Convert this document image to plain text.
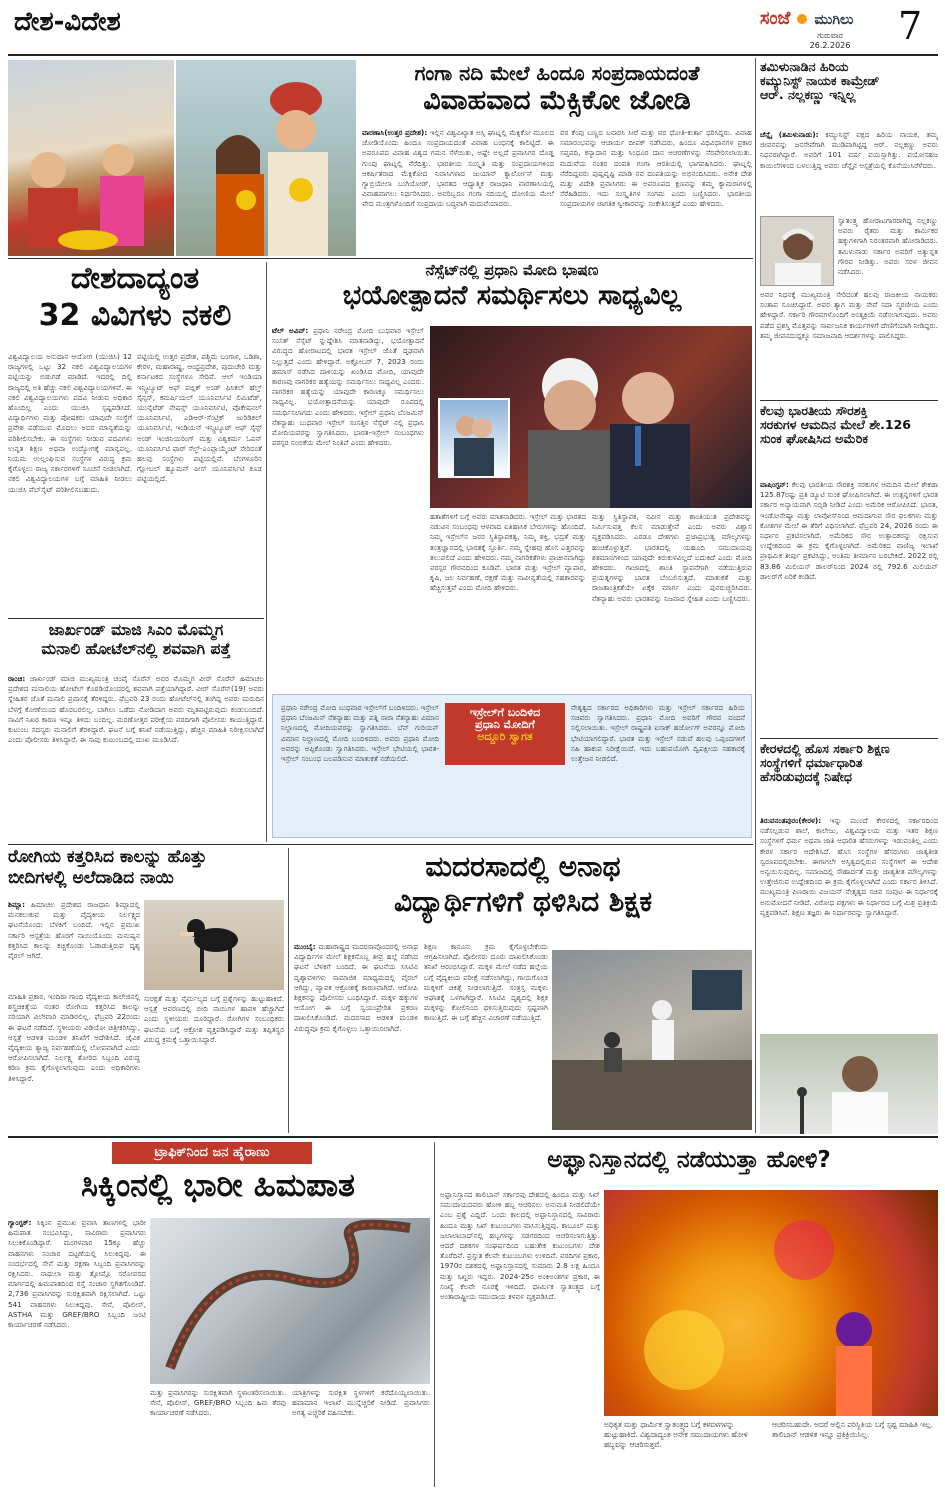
ದೇಶ-ವಿದೇಶ	ಸಂಜೆ ಮುಗಿಲು
ಗುರುವಾರ
26.2.2026	7
ಗಂಗಾ ನದಿ ಮೇಲೆ ಹಿಂದೂ ಸಂಪ್ರದಾಯದಂತೆ
ವಿವಾಹವಾದ ಮೆಕ್ಸಿಕೋ ಜೋಡಿ
ವಾರಣಾಸಿ(ಉತ್ತರ ಪ್ರದೇಶ): ಇಲ್ಲಿನ ವಿಶ್ವವಿಖ್ಯಾತ ಅಸ್ಸಿ ಘಾಟ್ನಲ್ಲಿ ಮೆಕ್ಸಿಕೋ ಮೂಲದ ಜೋಡಿಯೊಂದು ಹಿಂದೂ ಸಂಪ್ರದಾಯದಂತೆ ವಿವಾಹ ಬಂಧನಕ್ಕೆ ಕಾಲಿಟ್ಟಿದೆ. ಈ ಅಪರೂಪದ ವಿವಾಹ ವಿಶ್ವದ ಗಮನ ಸೆಳೆಯಿತು, ಅಷ್ಟೇ ಅಲ್ಲದೆ ಪ್ರವಾಸಿಗರ ದೊಡ್ಡ ಗುಂಪು ಘಾಟ್ನಲ್ಲಿ ನೆರೆದಿತ್ತು. ಭಾರತೀಯ ಸಂಸ್ಕೃತಿ ಮತ್ತು ಸಂಪ್ರದಾಯಗಳಿಂದ ಆಕರ್ಷಿತರಾದ ಮೆಕ್ಸಿಕೋದ ನಿವಾಸಿಗಳಾದ ಜುಯಾನ್ ಕ್ಯಾರ್ಲೋಸ್ ಮತ್ತು ಗ್ಯಾಬ್ರಿಯೇಲಾ ಬುಗಿಯೋಡ್, ಭಾರತದ ಆಧ್ಯಾತ್ಮಿಕ ರಾಜಧಾನಿ ವಾರಣಾಸಿಯಲ್ಲಿ ವಿವಾಹವಾಗಲು ನಿರ್ಧರಿಸಿದರು. ಅವರಿಬ್ಬರೂ ಗಂಗಾ ನದಿಯಲ್ಲಿ ದೋಣಿಯ ಮೇಲೆ ವೇದ ಮಂತ್ರಗಳೊಂದಿಗೆ ಸಂಪ್ರದಾಯ ಬದ್ಧವಾಗಿ ಮದುವೆಯಾದರು.
ವರ ಕೆಂಪು ಬಣ್ಣದ ಬನಾರಸಿ ಸೀರೆ ಮತ್ತು ವರ ಧೋತಿ-ಕುರ್ತಾ ಧರಿಸಿದ್ದರು. ವಿವಾಹ ಸಮಾರಂಭವನ್ನು ಆಚಾರ್ಯ ದೀಪಕ್ ನಡೆಸಿದರು, ಹಿಂದೂ ವಿಧಿವಿಧಾನಗಳ ಪ್ರಕಾರ ಸಪ್ತಪದಿ, ಕನ್ಯಾದಾನ ಮತ್ತು ಸಿಂಧೂರ ದಾನ ಆಚರಣೆಗಳನ್ನು ನೆರವೇರಿಸಲಾಯಿತು. ಮದುವೆಯ ನಂತರ ದಂಪತಿ ಗಂಗಾ ಆರತಿಯಲ್ಲಿ ಭಾಗವಹಿಸಿದರು. ಘಾಟ್ನಲ್ಲಿ ನೆರೆದಿದ್ದವರು ಪುಷ್ಪವೃಷ್ಟಿ ಮಾಡಿ ನವ ದಂಪತಿಯನ್ನು ಅಭಿನಂದಿಸಿದರು. ಅನೇಕ ದೇಶ ಮತ್ತು ವಿದೇಶಿ ಪ್ರವಾಸಿಗರು ಈ ಅಪರೂಪದ ಕ್ಷಣವನ್ನು ತಮ್ಮ ಕ್ಯಾಮರಾಗಳಲ್ಲಿ ಸೆರೆಹಿಡಿದರು. ಇದು ಸಂಸ್ಕೃತಿಗಳ ಸಂಗಮ ಎಂದು ಬಣ್ಣಿಸಿದರು. ಭಾರತೀಯ ಸಂಪ್ರದಾಯಗಳ ಜಾಗತಿಕ ಸ್ವೀಕಾರವನ್ನು ಸಂಕೇತಿಸುತ್ತದೆ ಎಂದು ಹೇಳಿದರು.
ತಮಿಳುನಾಡಿನ ಹಿರಿಯ
ಕಮ್ಯುನಿಸ್ಟ್ ನಾಯಕ ಕಾಮ್ರೇಡ್
ಆರ್. ನಲ್ಲಕಣ್ಣು ಇನ್ನಿಲ್ಲ
ಚೆನ್ನೈ (ತಮಿಳುನಾಡು): ಕಮ್ಯುನಿಸ್ಟ್ ಪಕ್ಷದ ಹಿರಿಯ ನಾಯಕ, ತಮ್ಮ ಜೀವನವನ್ನು ಜನಸೇವೆಗಾಗಿ ಮುಡಿಪಾಗಿಟ್ಟಿದ್ದ ಆರ್. ನಲ್ಲಕಣ್ಣು ಅವರು ನಿಧನರಾಗಿದ್ದಾರೆ. ಅವರಿಗೆ 101 ವರ್ಷ ವಯಸ್ಸಾಗಿತ್ತು. ವಯೋಸಹಜ ಕಾಯಿಲೆಗಳಿಂದ ಬಳಲುತ್ತಿದ್ದ ಅವರು ಚೆನ್ನೈನ ಆಸ್ಪತ್ರೆಯಲ್ಲಿ ಕೊನೆಯುಸಿರೆಳೆದರು.
ಸ್ವಾತಂತ್ರ್ಯ ಹೋರಾಟಗಾರರಾಗಿದ್ದ ನಲ್ಲಕಣ್ಣು ಅವರು ರೈತರು ಮತ್ತು ಕಾರ್ಮಿಕರ ಹಕ್ಕುಗಳಿಗಾಗಿ ನಿರಂತರವಾಗಿ ಹೋರಾಡಿದರು. ತಮಿಳುನಾಡು ಸರ್ಕಾರ ಅವರಿಗೆ ಅತ್ಯುನ್ನತ ಗೌರವ ನೀಡಿತ್ತು. ಅವರು ಸರಳ ಜೀವನ ನಡೆಸಿದರು.
ಅವರ ನಿಧನಕ್ಕೆ ಮುಖ್ಯಮಂತ್ರಿ ಸೇರಿದಂತೆ ಹಲವು ರಾಜಕೀಯ ನಾಯಕರು ಸಂತಾಪ ಸೂಚಿಸಿದ್ದಾರೆ. ಅವರ ತ್ಯಾಗ ಮತ್ತು ಸೇವೆ ಸದಾ ಸ್ಮರಣೀಯ ಎಂದು ಹೇಳಿದ್ದಾರೆ. ಸರ್ಕಾರಿ ಗೌರವಗಳೊಂದಿಗೆ ಅಂತ್ಯಕ್ರಿಯೆ ನಡೆಸಲಾಗುವುದು. ಅವರು ಪಡೆದ ಪ್ರಶಸ್ತಿ ಮೊತ್ತವನ್ನು ಸಾರ್ವಜನಿಕ ಕಾರ್ಯಗಳಿಗೆ ದೇಣಿಗೆಯಾಗಿ ನೀಡಿದ್ದರು. ತಮ್ಮ ಜೀವನದುದ್ದಕ್ಕೂ ಸಮಾಜವಾದಿ ಆದರ್ಶಗಳನ್ನು ಪಾಲಿಸಿದ್ದರು.
ಕೆಲವು ಭಾರತೀಯ ಸೌರಶಕ್ತಿ
ಸರಕುಗಳ ಆಮದಿನ ಮೇಲೆ ಶೇ.126
ಸುಂಕ ಘೋಷಿಸಿದ ಅಮೆರಿಕ
ವಾಷಿಂಗ್ಟನ್: ಕೆಲವು ಭಾರತೀಯ ಸೌರಶಕ್ತಿ ಸರಕುಗಳ ಆಮದಿನ ಮೇಲೆ ಶೇಕಡಾ 125.87ರಷ್ಟು ಪ್ರತಿ ಡ್ಯೂಟಿ ಸುಂಕ ಘೋಷಿಸಲಾಗಿದೆ. ಈ ಉತ್ಪನ್ನಗಳಿಗೆ ಭಾರತ ಸರ್ಕಾರ ಅನ್ಯಾಯವಾಗಿ ಸಬ್ಸಿಡಿ ನೀಡಿದೆ ಎಂದು ಅಮೆರಿಕ ಆರೋಪಿಸಿದೆ. ಭಾರತ, ಇಂಡೋನೇಷ್ಯಾ ಮತ್ತು ಲಾವೋಸ್‌ನಿಂದ ಆಮದಾಗುವ ಸೌರ ಫಲಕಗಳು ಮತ್ತು ಕೋಶಗಳ ಮೇಲೆ ಈ ತೆರಿಗೆ ವಿಧಿಸಲಾಗಿದೆ. ಫೆಬ್ರವರಿ 24, 2026 ರಂದು ಈ ನಿರ್ಧಾರ ಪ್ರಕಟಿಸಲಾಗಿದೆ. ಅಮೆರಿಕದ ಸೌರ ಉತ್ಪಾದಕರನ್ನು ರಕ್ಷಿಸುವ ಉದ್ದೇಶದಿಂದ ಈ ಕ್ರಮ ಕೈಗೊಳ್ಳಲಾಗಿದೆ. ಅಮೆರಿಕದ ವಾಣಿಜ್ಯ ಇಲಾಖೆ ಪ್ರಾಥಮಿಕ ತೀರ್ಪು ಪ್ರಕಟಿಸಿದ್ದು, ಅಂತಿಮ ತೀರ್ಮಾನ ಬರಬೇಕಿದೆ. 2022 ರಲ್ಲಿ 83.86 ಮಿಲಿಯನ್ ಡಾಲರ್‌ನಿಂದ 2024 ರಲ್ಲಿ 792.6 ಮಿಲಿಯನ್ ಡಾಲರ್‌ಗೆ ಏರಿಕೆ ಕಂಡಿದೆ.
ಕೇರಳದಲ್ಲಿ ಹೊಸ ಸರ್ಕಾರಿ ಶಿಕ್ಷಣ
ಸಂಸ್ಥೆಗಳಿಗೆ ಧರ್ಮಾಧಾರಿತ
ಹೆಸರಿಡುವುದಕ್ಕೆ ನಿಷೇಧ
ತಿರುವನಂತಪುರಂ(ಕೇರಳ): ಇನ್ನು ಮುಂದೆ ಕೇರಳದಲ್ಲಿ ಸರ್ಕಾರದಿಂದ ನಡೆಸಲ್ಪಡುವ ಶಾಲೆ, ಕಾಲೇಜು, ವಿಶ್ವವಿದ್ಯಾಲಯ ಮತ್ತು ಇತರ ಶಿಕ್ಷಣ ಸಂಸ್ಥೆಗಳಿಗೆ ಧರ್ಮ ಅಥವಾ ಜಾತಿ ಆಧಾರಿತ ಹೆಸರುಗಳನ್ನು ಇಡುವಂತಿಲ್ಲ ಎಂದು ಕೇರಳ ಸರ್ಕಾರ ಆದೇಶಿಸಿದೆ. ಹೊಸ ಸಂಸ್ಥೆಗಳ ಹೆಸರುಗಳು ಜಾತ್ಯತೀತ ಸ್ವರೂಪದಲ್ಲಿರಬೇಕು. ಈಗಾಗಲೇ ಅಸ್ತಿತ್ವದಲ್ಲಿರುವ ಸಂಸ್ಥೆಗಳಿಗೆ ಈ ಆದೇಶ ಅನ್ವಯಿಸುವುದಿಲ್ಲ. ಸಮಾಜದಲ್ಲಿ ಸೌಹಾರ್ದತೆ ಮತ್ತು ಜಾತ್ಯತೀತ ಮೌಲ್ಯಗಳನ್ನು ಉತ್ತೇಜಿಸುವ ಉದ್ದೇಶದಿಂದ ಈ ಕ್ರಮ ಕೈಗೊಳ್ಳಲಾಗಿದೆ ಎಂದು ಸರ್ಕಾರ ತಿಳಿಸಿದೆ. ಮುಖ್ಯಮಂತ್ರಿ ಪಿಣರಾಯಿ ವಿಜಯನ್ ನೇತೃತ್ವದ ಸಚಿವ ಸಂಪುಟ ಈ ನಿರ್ಧಾರಕ್ಕೆ ಅನುಮೋದನೆ ನೀಡಿದೆ. ವಿರೋಧ ಪಕ್ಷಗಳು ಈ ನಿರ್ಧಾರದ ಬಗ್ಗೆ ಮಿಶ್ರ ಪ್ರತಿಕ್ರಿಯೆ ವ್ಯಕ್ತಪಡಿಸಿವೆ. ಶಿಕ್ಷಣ ತಜ್ಞರು ಈ ನಿರ್ಧಾರವನ್ನು ಸ್ವಾಗತಿಸಿದ್ದಾರೆ.
ದೇಶದಾದ್ಯಂತ
32 ವಿವಿಗಳು ನಕಲಿ
ವಿಶ್ವವಿದ್ಯಾಲಯ ಅನುದಾನ ಆಯೋಗ (ಯುಜಿಸಿ) 12 ರಾಜ್ಯಗಳಲ್ಲಿ ಒಟ್ಟು 32 ನಕಲಿ ವಿಶ್ವವಿದ್ಯಾಲಯಗಳ ಪಟ್ಟಿಯನ್ನು ಬಿಡುಗಡೆ ಮಾಡಿದೆ. ಇದರಲ್ಲಿ ದಿಲ್ಲಿ ರಾಜ್ಯದಲ್ಲಿ ಅತಿ ಹೆಚ್ಚು ನಕಲಿ ವಿಶ್ವವಿದ್ಯಾಲಯಗಳಿವೆ. ಈ ನಕಲಿ ವಿಶ್ವವಿದ್ಯಾಲಯಗಳು ಪದವಿ ನೀಡುವ ಅಧಿಕಾರ ಹೊಂದಿಲ್ಲ ಎಂದು ಯುಜಿಸಿ ಸ್ಪಷ್ಟಪಡಿಸಿದೆ. ವಿದ್ಯಾರ್ಥಿಗಳು ಮತ್ತು ಪೋಷಕರು ಯಾವುದೇ ಸಂಸ್ಥೆಗೆ ಪ್ರವೇಶ ಪಡೆಯುವ ಮೊದಲು ಅದರ ಮಾನ್ಯತೆಯನ್ನು ಪರಿಶೀಲಿಸಬೇಕು. ಈ ಸಂಸ್ಥೆಗಳು ನೀಡುವ ಪದವಿಗಳು ಉನ್ನತ ಶಿಕ್ಷಣ ಅಥವಾ ಉದ್ಯೋಗಕ್ಕೆ ಮಾನ್ಯವಲ್ಲ. ನಿಯಮ ಉಲ್ಲಂಘಿಸುವ ಸಂಸ್ಥೆಗಳ ವಿರುದ್ಧ ಕ್ರಮ ಕೈಗೊಳ್ಳಲು ರಾಜ್ಯ ಸರ್ಕಾರಗಳಿಗೆ ಸೂಚನೆ ನೀಡಲಾಗಿದೆ. ನಕಲಿ ವಿಶ್ವವಿದ್ಯಾಲಯಗಳ ಬಗ್ಗೆ ಮಾಹಿತಿ ನೀಡಲು ಯುಜಿಸಿ ವೆಬ್‌ಸೈಟ್ ಪರಿಶೀಲಿಸಬಹುದು.
ಪಟ್ಟಿಯಲ್ಲಿ ಉತ್ತರ ಪ್ರದೇಶ, ಪಶ್ಚಿಮ ಬಂಗಾಳ, ಒಡಿಶಾ, ಕೇರಳ, ಮಹಾರಾಷ್ಟ್ರ, ಆಂಧ್ರಪ್ರದೇಶ, ಪುದುಚೇರಿ ಮತ್ತು ಕರ್ನಾಟಕದ ಸಂಸ್ಥೆಗಳೂ ಸೇರಿವೆ. ಆಲ್ ಇಂಡಿಯಾ ಇನ್ಸ್ಟಿಟ್ಯೂಟ್ ಆಫ್ ಪಬ್ಲಿಕ್ ಅಂಡ್ ಫಿಸಿಕಲ್ ಹೆಲ್ತ್ ಸೈನ್ಸಸ್, ಕಮರ್ಷಿಯಲ್ ಯೂನಿವರ್ಸಿಟಿ ಲಿಮಿಟೆಡ್, ಯುನೈಟೆಡ್ ನೇಷನ್ಸ್ ಯೂನಿವರ್ಸಿಟಿ, ವೊಕೇಷನಲ್ ಯೂನಿವರ್ಸಿಟಿ, ಎಡಿಆರ್-ಸೆಂಟ್ರಿಕ್ ಜುರಿಡಿಕಲ್ ಯೂನಿವರ್ಸಿಟಿ, ಇಂಡಿಯನ್ ಇನ್ಸ್ಟಿಟ್ಯೂಟ್ ಆಫ್ ಸೈನ್ಸ್ ಅಂಡ್ ಇಂಜಿನಿಯರಿಂಗ್ ಮತ್ತು ವಿಶ್ವಕರ್ಮ ಓಪನ್ ಯೂನಿವರ್ಸಿಟಿ ಫಾರ್ ಸೆಲ್ಫ್-ಎಂಪ್ಲಾಯ್ಮೆಂಟ್ ಸೇರಿದಂತೆ ಹಲವು ಸಂಸ್ಥೆಗಳು ಪಟ್ಟಿಯಲ್ಲಿವೆ. ಬೆಂಗಳೂರಿನ ಗ್ಲೋಬಲ್ ಹ್ಯೂಮನ್ ಪೀಸ್ ಯೂನಿವರ್ಸಿಟಿ ಕೂಡ ಪಟ್ಟಿಯಲ್ಲಿದೆ.
ನೆಸ್ಸೆಟ್‌ನಲ್ಲಿ ಪ್ರಧಾನಿ ಮೋದಿ ಭಾಷಣ
ಭಯೋತ್ಪಾದನೆ ಸಮರ್ಥಿಸಲು ಸಾಧ್ಯವಿಲ್ಲ
ಟೆಲ್ ಅವಿವ್: ಪ್ರಧಾನಿ ನರೇಂದ್ರ ಮೋದಿ ಬುಧವಾರ ಇಸ್ರೇಲ್ ಸಂಸತ್ ನೆಸ್ಸೆಟ್ ನ್ನುದ್ದೇಶಿಸಿ ಮಾತನಾಡಿದ್ದು, ಭಯೋತ್ಪಾದನೆ ವಿರುದ್ಧದ ಹೋರಾಟದಲ್ಲಿ ಭಾರತ ಇಸ್ರೇಲ್ ಜೊತೆ ದೃಢವಾಗಿ ನಿಲ್ಲುತ್ತದೆ ಎಂದು ಹೇಳಿದ್ದಾರೆ. ಅಕ್ಟೋಬರ್ 7, 2023 ರಂದು ಹಮಾಸ್ ನಡೆಸಿದ ದಾಳಿಯನ್ನು ಖಂಡಿಸಿದ ಮೋದಿ, ಯಾವುದೇ ಕಾರಣವು ನಾಗರಿಕರ ಹತ್ಯೆಯನ್ನು ಸಮರ್ಥಿಸಲು ಸಾಧ್ಯವಿಲ್ಲ ಎಂದರು. ನಾಗರಿಕರ ಹತ್ಯೆಯನ್ನು ಯಾವುದೇ ಕಾರಣಕ್ಕೂ ಸಮರ್ಥಿಸಲು ಸಾಧ್ಯವಿಲ್ಲ. ಭಯೋತ್ಪಾದನೆಯನ್ನು ಯಾವುದೇ ರೂಪದಲ್ಲಿ ಸಮರ್ಥಿಸಲಾಗದು ಎಂದು ಹೇಳಿದರು. ಇಸ್ರೇಲ್ ಪ್ರಧಾನಿ ಬೆಂಜಮಿನ್ ನೆತನ್ಯಾಹು ಬುಧವಾರ ಇಸ್ರೇಲ್ ಸಂಸತ್ತಿನ ನೆಸ್ಸೆಟ್ ನಲ್ಲಿ ಪ್ರಧಾನಿ ಮೋದಿಯವರನ್ನು ಸ್ವಾಗತಿಸಿದರು. ಭಾರತ-ಇಸ್ರೇಲ್ ಸಂಬಂಧಗಳು ಪರಸ್ಪರ ನಂಬಿಕೆಯ ಮೇಲೆ ನಿಂತಿವೆ ಎಂದು ಹೇಳಿದರು.
ಹತಾಶೆಗಳಿಗೆ ಬಗ್ಗೆ ಅವರು ಮಾತನಾಡಿದರು. ಇಸ್ರೇಲ್ ಮತ್ತು ಭಾರತದ ನಡುವಿನ ಸಂಬಂಧವು ಆಳವಾದ ಐತಿಹಾಸಿಕ ಬೇರುಗಳನ್ನು ಹೊಂದಿದೆ. ನಿಮ್ಮ ಇಸ್ರೇಲ್‌ನ ಜನರ ಸ್ಥಿತಿಸ್ಥಾಪಕತ್ವ, ನಿಮ್ಮ ಶಕ್ತಿ, ಭದ್ರತೆ ಮತ್ತು ತಂತ್ರಜ್ಞಾನದಲ್ಲಿ ಭಾರತಕ್ಕೆ ಸ್ಫೂರ್ತಿ. ನಮ್ಮ ಸ್ನೇಹವು ಹೊಸ ಎತ್ತರವನ್ನು ತಲುಪಲಿದೆ ಎಂದು ಹೇಳಿದರು. ನಮ್ಮ ನಾಗರಿಕತೆಗಳು ಪ್ರಾಚೀನವಾಗಿದ್ದು ಪರಸ್ಪರ ಗೌರವದಿಂದ ಕೂಡಿವೆ. ಭಾರತ ಮತ್ತು ಇಸ್ರೇಲ್ ವ್ಯಾಪಾರ, ಕೃಷಿ, ಜಲ ನಿರ್ವಹಣೆ, ರಕ್ಷಣೆ ಮತ್ತು ನಾವೀನ್ಯತೆಯಲ್ಲಿ ಸಹಕಾರವನ್ನು ಹೆಚ್ಚಿಸುತ್ತವೆ ಎಂದು ಮೋದಿ ಹೇಳಿದರು.
ಮತ್ತು ಸ್ಥಿತಿಸ್ಥಾಪಕ, ನವೀನ ಮತ್ತು ಶಾಂತಿಯುತ ಪ್ರದೇಶವನ್ನು ನಿರ್ಮಿಸುವತ್ತ ಕೆಲಸ ಮಾಡುತ್ತೇವೆ ಎಂದು ಅವರು ವಿಶ್ವಾಸ ವ್ಯಕ್ತಪಡಿಸಿದರು. ಎರಡೂ ದೇಶಗಳು ಪ್ರಜಾಪ್ರಭುತ್ವ ಮೌಲ್ಯಗಳನ್ನು ಹಂಚಿಕೊಳ್ಳುತ್ತವೆ. ಭಾರತದಲ್ಲಿ ಯಹೂದಿ ಸಮುದಾಯವು ಶತಮಾನಗಳಿಂದ ಯಾವುದೇ ಕಿರುಕುಳವಿಲ್ಲದೆ ಬದುಕಿದೆ ಎಂದು ಮೋದಿ ಹೇಳಿದರು. ಗಾಜಾದಲ್ಲಿ ಶಾಂತಿ ಸ್ಥಾಪನೆಗಾಗಿ ನಡೆಯುತ್ತಿರುವ ಪ್ರಯತ್ನಗಳನ್ನು ಭಾರತ ಬೆಂಬಲಿಸುತ್ತದೆ. ಮಾತುಕತೆ ಮತ್ತು ರಾಜತಾಂತ್ರಿಕತೆಯೇ ಏಕೈಕ ಮಾರ್ಗ ಎಂದು ಪುನರುಚ್ಚರಿಸಿದರು. ನೆತನ್ಯಾಹು ಅವರು ಭಾರತವನ್ನು ನಿಜವಾದ ಸ್ನೇಹಿತ ಎಂದು ಬಣ್ಣಿಸಿದರು.
ಪ್ರಧಾನಿ ನರೇಂದ್ರ ಮೋದಿ ಬುಧವಾರ ಇಸ್ರೇಲ್‌ಗೆ ಬಂದಿಳಿದರು. ಇಸ್ರೇಲ್ ಪ್ರಧಾನಿ ಬೆಂಜಮಿನ್ ನೆತನ್ಯಾಹು ಮತ್ತು ಪತ್ನಿ ಸಾರಾ ನೆತನ್ಯಾಹು ವಿಮಾನ ನಿಲ್ದಾಣದಲ್ಲಿ ಮೋದಿಯವರನ್ನು ಸ್ವಾಗತಿಸಿದರು. ಬೆನ್ ಗುರಿಯನ್ ವಿಮಾನ ನಿಲ್ದಾಣದಲ್ಲಿ ಮೋದಿ ಬಂದಿಳಿದರು. ಅವರು ಪ್ರಧಾನಿ ಮೋದಿ ಅವರನ್ನು ಅಪ್ಪಿಕೊಂಡು ಸ್ವಾಗತಿಸಿದರು. ಇಸ್ರೇಲ್ ಭೇಟಿಯಲ್ಲಿ ಭಾರತ-ಇಸ್ರೇಲ್ ಸಂಬಂಧ ಬಲಪಡಿಸುವ ಮಾತುಕತೆ ನಡೆಯಲಿದೆ.
ಇಸ್ರೇಲ್‌ಗೆ ಬಂದಿಳಿದ
ಪ್ರಧಾನಿ ಮೋದಿಗೆ
ಅದ್ದೂರಿ ಸ್ವಾಗತ
ನೇತೃತ್ವದ ಸರ್ಕಾರದ ಅಧಿಕಾರಿಗಳು ಮತ್ತು ಇಸ್ರೇಲ್ ಸರ್ಕಾರದ ಹಿರಿಯ ಸಚಿವರು ಸ್ವಾಗತಿಸಿದರು. ಪ್ರಧಾನಿ ಮೋದಿ ಅವರಿಗೆ ಗೌರವ ವಂದನೆ ಸಲ್ಲಿಸಲಾಯಿತು. ಇಸ್ರೇಲ್ ರಾಷ್ಟ್ರಪತಿ ಐಸಾಕ್ ಹರ್ಜೋಗ್ ಅವರನ್ನೂ ಮೋದಿ ಭೇಟಿಯಾಗಲಿದ್ದಾರೆ. ಭಾರತ ಮತ್ತು ಇಸ್ರೇಲ್ ನಡುವೆ ಹಲವು ಒಪ್ಪಂದಗಳಿಗೆ ಸಹಿ ಹಾಕುವ ನಿರೀಕ್ಷೆಯಿದೆ. ಇದು ಬಹುಪಯೋಗಿ ದ್ವಿಪಕ್ಷೀಯ ಸಹಕಾರಕ್ಕೆ ಉತ್ತೇಜನ ನೀಡಲಿದೆ.
ಜಾರ್ಖಂಡ್ ಮಾಜಿ ಸಿಎಂ ಮೊಮ್ಮಗ
ಮನಾಲಿ ಹೋಟೆಲ್‌ನಲ್ಲಿ ಶವವಾಗಿ ಪತ್ತೆ
ರಾಂಚಿ: ಜಾರ್ಖಂಡ್ ಮಾಜಿ ಮುಖ್ಯಮಂತ್ರಿ ಚಂಪೈ ಸೊರೆನ್ ಅವರ ಮೊಮ್ಮಗ ವೀರ್ ಸೊರೆನ್ ಹಿಮಾಚಲ ಪ್ರದೇಶದ ಮನಾಲಿಯ ಹೋಟೆಲ್ ಕೊಠಡಿಯೊಂದರಲ್ಲಿ ಶವವಾಗಿ ಪತ್ತೆಯಾಗಿದ್ದಾರೆ. ವೀರ್ ಸೊರೆನ್(19) ಅವರು ಸ್ನೇಹಿತರ ಜೊತೆ ಮನಾಲಿ ಪ್ರವಾಸಕ್ಕೆ ತೆರಳಿದ್ದರು. ಫೆಬ್ರವರಿ 23 ರಂದು ಹೋಟೆಲ್‌ನಲ್ಲಿ ತಂಗಿದ್ದ ಅವರು ಮರುದಿನ ಬೆಳಗ್ಗೆ ಕೋಣೆಯಿಂದ ಹೊರಬರಲಿಲ್ಲ. ಬಾಗಿಲು ಒಡೆದು ನೋಡಿದಾಗ ಅವರು ಮೃತಪಟ್ಟಿರುವುದು ಕಂಡುಬಂದಿದೆ. ಸಾವಿಗೆ ನಿಖರ ಕಾರಣ ಇನ್ನೂ ತಿಳಿದು ಬಂದಿಲ್ಲ. ಮರಣೋತ್ತರ ಪರೀಕ್ಷೆಯ ವರದಿಗಾಗಿ ಪೊಲೀಸರು ಕಾಯುತ್ತಿದ್ದಾರೆ. ಕುಟುಂಬ ಸದಸ್ಯರು ಮನಾಲಿಗೆ ತೆರಳಿದ್ದಾರೆ. ಘಟನೆ ಬಗ್ಗೆ ತನಿಖೆ ನಡೆಯುತ್ತಿದ್ದು, ಹೆಚ್ಚಿನ ಮಾಹಿತಿ ನಿರೀಕ್ಷಿಸಲಾಗಿದೆ ಎಂದು ಪೊಲೀಸರು ತಿಳಿಸಿದ್ದಾರೆ. ಈ ಸಾವು ಕುಟುಂಬದಲ್ಲಿ ದುಃಖ ಮೂಡಿಸಿದೆ.
ರೋಗಿಯ ಕತ್ತರಿಸಿದ ಕಾಲನ್ನು ಹೊತ್ತು
ಬೀದಿಗಳಲ್ಲಿ ಅಲೆದಾಡಿದ ನಾಯಿ
ಶಿಮ್ಲಾ: ಹಿಮಾಚಲ ಪ್ರದೇಶದ ರಾಜಧಾನಿ ಶಿಮ್ಲಾದಲ್ಲಿ ಮನಕಲುಕುವ ಮತ್ತು ವೈದ್ಯಕೀಯ ನಿರ್ಲಕ್ಷ್ಯದ ಘಟನೆಯೊಂದು ಬೆಳಕಿಗೆ ಬಂದಿದೆ. ಇಲ್ಲಿನ ಪ್ರಮುಖ ಸರ್ಕಾರಿ ಆಸ್ಪತ್ರೆಯ ಹೊರಗೆ ನಾಯಿಯೊಂದು ಮನುಷ್ಯನ ಕತ್ತರಿಸಿದ ಕಾಲನ್ನು ಕಚ್ಚಿಕೊಂಡು ಓಡಾಡುತ್ತಿರುವ ದೃಶ್ಯ ವೈರಲ್ ಆಗಿದೆ.
ಮಾಹಿತಿ ಪ್ರಕಾರ, ಇಂದಿರಾ ಗಾಂಧಿ ವೈದ್ಯಕೀಯ ಕಾಲೇಜಿನಲ್ಲಿ ಶಸ್ತ್ರಚಿಕಿತ್ಸೆಯ ನಂತರ ರೋಗಿಯ ಕತ್ತರಿಸಿದ ಕಾಲನ್ನು ಸರಿಯಾಗಿ ವಿಲೇವಾರಿ ಮಾಡಿರಲಿಲ್ಲ. ಫೆಬ್ರವರಿ 22ರಂದು ಈ ಘಟನೆ ನಡೆದಿದೆ. ಸ್ಥಳೀಯರು ವಿಡಿಯೋ ಚಿತ್ರೀಕರಿಸಿದ್ದು, ಆಸ್ಪತ್ರೆ ಆಡಳಿತ ಮಂಡಳಿ ತನಿಖೆಗೆ ಆದೇಶಿಸಿದೆ. ಜೈವಿಕ ವೈದ್ಯಕೀಯ ತ್ಯಾಜ್ಯ ನಿರ್ವಹಣೆಯಲ್ಲಿ ಲೋಪವಾಗಿದೆ ಎಂದು ಆರೋಪಿಸಲಾಗಿದೆ. ನಿರ್ಲಕ್ಷ್ಯ ತೋರಿದ ಸಿಬ್ಬಂದಿ ವಿರುದ್ಧ ಕಠಿಣ ಕ್ರಮ ಕೈಗೊಳ್ಳಲಾಗುವುದು ಎಂದು ಅಧಿಕಾರಿಗಳು ತಿಳಿಸಿದ್ದಾರೆ.
ಸುರಕ್ಷತೆ ಮತ್ತು ನೈರ್ಮಲ್ಯದ ಬಗ್ಗೆ ಪ್ರಶ್ನೆಗಳನ್ನು ಹುಟ್ಟುಹಾಕಿದೆ. ಆಸ್ಪತ್ರೆ ಆವರಣದಲ್ಲಿ ಬೀದಿ ನಾಯಿಗಳ ಹಾವಳಿ ಹೆಚ್ಚಾಗಿದೆ ಎಂದು ಸ್ಥಳೀಯರು ದೂರಿದ್ದಾರೆ. ರೋಗಿಗಳ ಸಂಬಂಧಿಕರು ಘಟನೆಯ ಬಗ್ಗೆ ಆಕ್ರೋಶ ವ್ಯಕ್ತಪಡಿಸಿದ್ದಾರೆ ಮತ್ತು ತಪ್ಪಿತಸ್ಥರ ವಿರುದ್ಧ ಕ್ರಮಕ್ಕೆ ಒತ್ತಾಯಿಸಿದ್ದಾರೆ.
ಮದರಸಾದಲ್ಲಿ ಅನಾಥ
ವಿದ್ಯಾರ್ಥಿಗಳಿಗೆ ಥಳಿಸಿದ ಶಿಕ್ಷಕ
ಮುಂಬೈ: ಮಹಾರಾಷ್ಟ್ರದ ಮದರಸಾವೊಂದರಲ್ಲಿ ಅನಾಥ ವಿದ್ಯಾರ್ಥಿಗಳ ಮೇಲೆ ಶಿಕ್ಷಕನೊಬ್ಬ ತೀವ್ರ ಹಲ್ಲೆ ನಡೆಸಿದ ಘಟನೆ ಬೆಳಕಿಗೆ ಬಂದಿದೆ. ಈ ಘಟನೆಯ ಸಿಸಿಟಿವಿ ದೃಶ್ಯಾವಳಿಗಳು ಸಾಮಾಜಿಕ ಮಾಧ್ಯಮದಲ್ಲಿ ವೈರಲ್ ಆಗಿದ್ದು, ವ್ಯಾಪಕ ಆಕ್ರೋಶಕ್ಕೆ ಕಾರಣವಾಗಿದೆ. ಆರೋಪಿ ಶಿಕ್ಷಕನನ್ನು ಪೊಲೀಸರು ಬಂಧಿಸಿದ್ದಾರೆ. ಮಕ್ಕಳ ಹಕ್ಕುಗಳ ಆಯೋಗ ಈ ಬಗ್ಗೆ ಸ್ವಯಂಪ್ರೇರಿತ ಪ್ರಕರಣ ದಾಖಲಿಸಿಕೊಂಡಿದೆ. ಮದರಸಾದ ಆಡಳಿತ ಮಂಡಳಿ ವಿರುದ್ಧವೂ ಕ್ರಮ ಕೈಗೊಳ್ಳಲು ಒತ್ತಾಯಿಸಲಾಗಿದೆ.
ಶಿಕ್ಷಣ ಕಾನೂನು ಕ್ರಮ ಕೈಗೊಳ್ಳಬೇಕೆಂದು ಆಗ್ರಹಿಸಲಾಗಿದೆ. ಪೊಲೀಸರು ದೂರು ದಾಖಲಿಸಿಕೊಂಡು ತನಿಖೆ ಆರಂಭಿಸಿದ್ದಾರೆ. ಮಕ್ಕಳ ಮೇಲೆ ನಡೆದ ಹಲ್ಲೆಯ ಬಗ್ಗೆ ವೈದ್ಯಕೀಯ ಪರೀಕ್ಷೆ ನಡೆಸಲಾಗಿದ್ದು, ಗಾಯಗೊಂಡ ಮಕ್ಕಳಿಗೆ ಚಿಕಿತ್ಸೆ ನೀಡಲಾಗುತ್ತಿದೆ. ಸಂತ್ರಸ್ತ ಮಕ್ಕಳು ಆಘಾತಕ್ಕೆ ಒಳಗಾಗಿದ್ದಾರೆ. ಸಿಸಿಟಿವಿ ದೃಶ್ಯದಲ್ಲಿ ಶಿಕ್ಷಕ ಮಕ್ಕಳನ್ನು ಕೋಲಿನಿಂದ ಥಳಿಸುತ್ತಿರುವುದು ಸ್ಪಷ್ಟವಾಗಿ ಕಾಣುತ್ತಿದೆ. ಈ ಬಗ್ಗೆ ಹೆಚ್ಚಿನ ವಿಚಾರಣೆ ನಡೆಯುತ್ತಿದೆ.
ಟ್ರಾಫಿಕ್‌ನಿಂದ ಜನ ಹೈರಾಣು
ಸಿಕ್ಕಿಂನಲ್ಲಿ ಭಾರೀ ಹಿಮಪಾತ
ಗ್ಯಾಂಗ್ಟಕ್: ಸಿಕ್ಕಿಂನ ಪ್ರಮುಖ ಪ್ರವಾಸಿ ತಾಣಗಳಲ್ಲಿ ಭಾರೀ ಹಿಮಪಾತ ಸಂಭವಿಸಿದ್ದು, ಸಾವಿರಾರು ಪ್ರವಾಸಿಗರು ಸಿಲುಕಿಕೊಂಡಿದ್ದಾರೆ. ಮಂಗಳವಾರ 15ಕ್ಕೂ ಹೆಚ್ಚು ವಾಹನಗಳು ಸಂಚಾರ ದಟ್ಟಣೆಯಲ್ಲಿ ಸಿಲುಕಿದ್ದವು. ಈ ಸಂದರ್ಭದಲ್ಲಿ ಸೇನೆ ಮತ್ತು ರಕ್ಷಣಾ ಸಿಬ್ಬಂದಿ ಪ್ರವಾಸಿಗರನ್ನು ರಕ್ಷಿಸಿದರು. ನಾಥುಲಾ ಮತ್ತು ತ್ಸೋಮ್ಗೊ ಸರೋವರದ ಮಾರ್ಗದಲ್ಲಿ ಹಿಮಪಾತದಿಂದ ರಸ್ತೆ ಸಂಚಾರ ಸ್ಥಗಿತಗೊಂಡಿದೆ. 2,736 ಪ್ರವಾಸಿಗರನ್ನು ಸುರಕ್ಷಿತವಾಗಿ ರಕ್ಷಿಸಲಾಗಿದೆ. ಒಟ್ಟು 541 ವಾಹನಗಳು ಸಿಲುಕಿದ್ದವು. ಸೇನೆ, ಪೊಲೀಸ್, ASTHA ಮತ್ತು GREF/BRO ಸಿಬ್ಬಂದಿ ಜಂಟಿ ಕಾರ್ಯಾಚರಣೆ ನಡೆಸಿದರು.
ಮತ್ತು ಪ್ರವಾಸಿಗರನ್ನು ಸುರಕ್ಷಿತವಾಗಿ ಸ್ಥಳಾಂತರಿಸಲಾಯಿತು. ಸೇನೆ, ಪೊಲೀಸ್, GREF/BRO ಸಿಬ್ಬಂದಿ ಹಿಮ ತೆರವು ಕಾರ್ಯಾಚರಣೆ ನಡೆಸಿದರು.
ಯಾತ್ರಿಗಳನ್ನು ಸುರಕ್ಷಿತ ಸ್ಥಳಗಳಿಗೆ ಕರೆದೊಯ್ಯಲಾಯಿತು. ಹವಾಮಾನ ಇಲಾಖೆ ಮುನ್ನೆಚ್ಚರಿಕೆ ನೀಡಿದೆ. ಪ್ರವಾಸಿಗರು ಅಗತ್ಯ ಎಚ್ಚರಿಕೆ ವಹಿಸಬೇಕು.
ಅಫ್ಘಾನಿಸ್ತಾನದಲ್ಲಿ ನಡೆಯುತ್ತಾ ಹೋಳಿ?
ಅಫ್ಘಾನಿಸ್ತಾನದ ತಾಲಿಬಾನ್ ಸರ್ಕಾರವು ದೇಶದಲ್ಲಿ ಹಿಂದೂ ಮತ್ತು ಸಿಖ್ ಸಮುದಾಯದವರು ಹೋಳಿ ಹಬ್ಬ ಆಚರಿಸಲು ಅನುಮತಿ ನೀಡಲಿದೆಯೇ ಎಂಬ ಪ್ರಶ್ನೆ ಎದ್ದಿದೆ. ಒಂದು ಕಾಲದಲ್ಲಿ ಅಫ್ಘಾನಿಸ್ತಾನದಲ್ಲಿ ಸಾವಿರಾರು ಹಿಂದೂ ಮತ್ತು ಸಿಖ್ ಕುಟುಂಬಗಳು ವಾಸಿಸುತ್ತಿದ್ದವು. ಕಾಬೂಲ್ ಮತ್ತು ಜಲಾಲಾಬಾದ್‌ನಲ್ಲಿ ಹಬ್ಬಗಳನ್ನು ಸಡಗರದಿಂದ ಆಚರಿಸಲಾಗುತ್ತಿತ್ತು. ಆದರೆ ದಶಕಗಳ ಸಂಘರ್ಷದಿಂದ ಬಹುತೇಕ ಕುಟುಂಬಗಳು ದೇಶ ತೊರೆದಿವೆ. ಪ್ರಸ್ತುತ ಕೆಲವೇ ಕುಟುಂಬಗಳು ಉಳಿದಿವೆ. ವರದಿಗಳ ಪ್ರಕಾರ, 1970ರ ದಶಕದಲ್ಲಿ ಅಫ್ಘಾನಿಸ್ತಾನದಲ್ಲಿ ಸುಮಾರು 2.8 ಲಕ್ಷ ಹಿಂದೂ ಮತ್ತು ಸಿಖ್ಖರು ಇದ್ದರು. 2024-25ರ ಅಂಕಿಅಂಶಗಳ ಪ್ರಕಾರ, ಈ ಸಂಖ್ಯೆ ಕೆಲವೇ ನೂರಕ್ಕೆ ಇಳಿದಿದೆ. ಧಾರ್ಮಿಕ ಸ್ವಾತಂತ್ರ್ಯದ ಬಗ್ಗೆ ಅಂತಾರಾಷ್ಟ್ರೀಯ ಸಮುದಾಯ ಕಳವಳ ವ್ಯಕ್ತಪಡಿಸಿದೆ.
ಅಧಿಕೃತ ಮತ್ತು ಧಾರ್ಮಿಕ ಸ್ವಾತಂತ್ರ್ಯದ ಬಗ್ಗೆ ಕಳವಳಗಳನ್ನು ಹುಟ್ಟುಹಾಕಿದೆ. ವಿಶ್ವದಾದ್ಯಂತ ಅನೇಕ ಸಮುದಾಯಗಳು ಹೋಳಿ ಹಬ್ಬವನ್ನು ಆಚರಿಸುತ್ತವೆ.
ಆಚರಿಸಬಹುದೇ. ಅದರೆ ಅಲ್ಲಿನ ಪರಿಸ್ಥಿತಿಯ ಬಗ್ಗೆ ಸ್ಪಷ್ಟ ಮಾಹಿತಿ ಇಲ್ಲ. ತಾಲಿಬಾನ್ ಆಡಳಿತ ಇನ್ನೂ ಪ್ರತಿಕ್ರಿಯಿಸಿಲ್ಲ.
